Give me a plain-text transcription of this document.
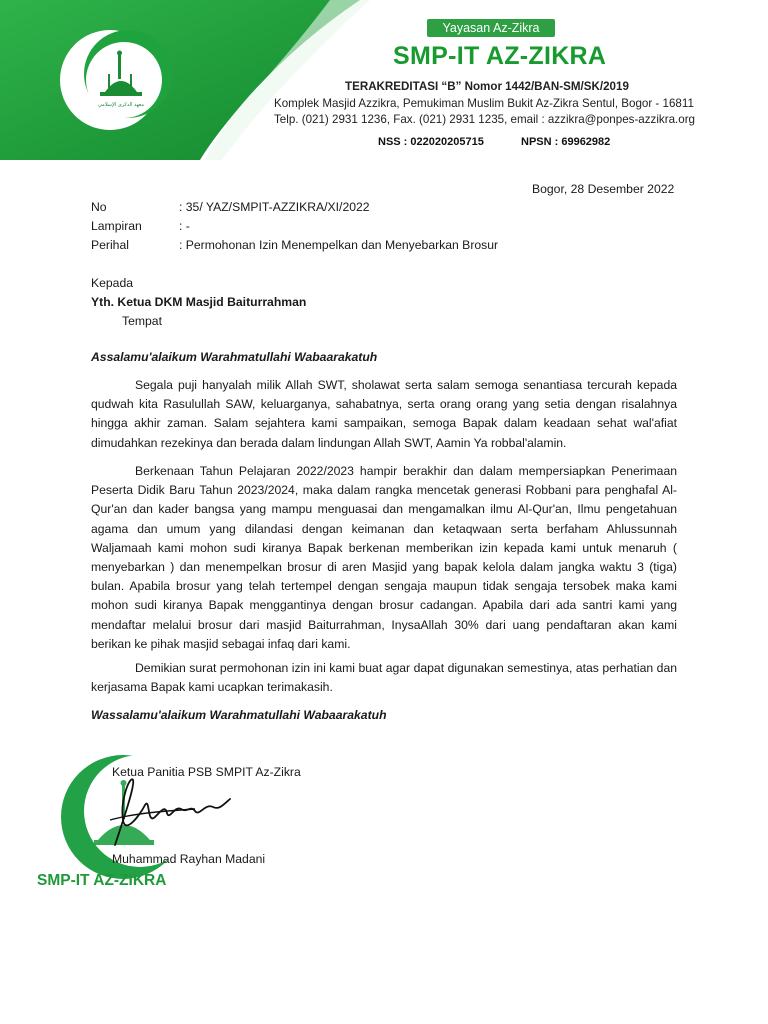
معهد الذكرى الإسلامي
Yayasan Az-Zikra
SMP-IT AZ-ZIKRA
TERAKREDITASI “B” Nomor 1442/BAN-SM/SK/2019
Komplek Masjid Azzikra, Pemukiman Muslim Bukit Az-Zikra Sentul, Bogor - 16811
Telp. (021) 2931 1236, Fax. (021) 2931 1235, email : azzikra@ponpes-azzikra.org
NSS : 022020205715	NPSN : 69962982
Bogor, 28 Desember 2022
No	: 35/ YAZ/SMPIT-AZZIKRA/XI/2022
Lampiran	: -
Perihal	: Permohonan Izin Menempelkan dan Menyebarkan Brosur
Kepada
Yth. Ketua DKM Masjid Baiturrahman
Tempat
Assalamu'alaikum Warahmatullahi Wabaarakatuh
Segala puji hanyalah milik Allah SWT, sholawat serta salam semoga senantiasa tercurah kepada qudwah kita Rasulullah SAW, keluarganya, sahabatnya, serta orang orang yang setia dengan risalahnya hingga akhir zaman. Salam sejahtera kami sampaikan, semoga Bapak dalam keadaan sehat wal'afiat dimudahkan rezekinya dan berada dalam lindungan Allah SWT, Aamin Ya robbal'alamin.
Berkenaan Tahun Pelajaran 2022/2023 hampir berakhir dan dalam mempersiapkan Penerimaan Peserta Didik Baru Tahun 2023/2024, maka dalam rangka mencetak generasi Robbani para penghafal Al-Qur'an dan kader bangsa yang mampu menguasai dan mengamalkan ilmu Al-Qur'an, Ilmu pengetahuan agama dan umum yang dilandasi dengan keimanan dan ketaqwaan serta berfaham Ahlussunnah Waljamaah kami mohon sudi kiranya Bapak berkenan memberikan izin kepada kami untuk menaruh ( menyebarkan ) dan menempelkan brosur di aren Masjid yang bapak kelola dalam jangka waktu 3 (tiga) bulan. Apabila brosur yang telah tertempel dengan sengaja maupun tidak sengaja tersobek maka kami mohon sudi kiranya Bapak menggantinya dengan brosur cadangan. Apabila dari ada santri kami yang mendaftar melalui brosur dari masjid Baiturrahman, InysaAllah 30% dari uang pendaftaran akan kami berikan ke pihak masjid sebagai infaq dari kami.
Demikian surat permohonan izin ini kami buat agar dapat digunakan semestinya, atas perhatian dan kerjasama Bapak kami ucapkan terimakasih.
Wassalamu'alaikum Warahmatullahi Wabaarakatuh
SMP-IT AZ-ZIKRA
Ketua Panitia PSB SMPIT Az-Zikra
Muhammad Rayhan Madani
